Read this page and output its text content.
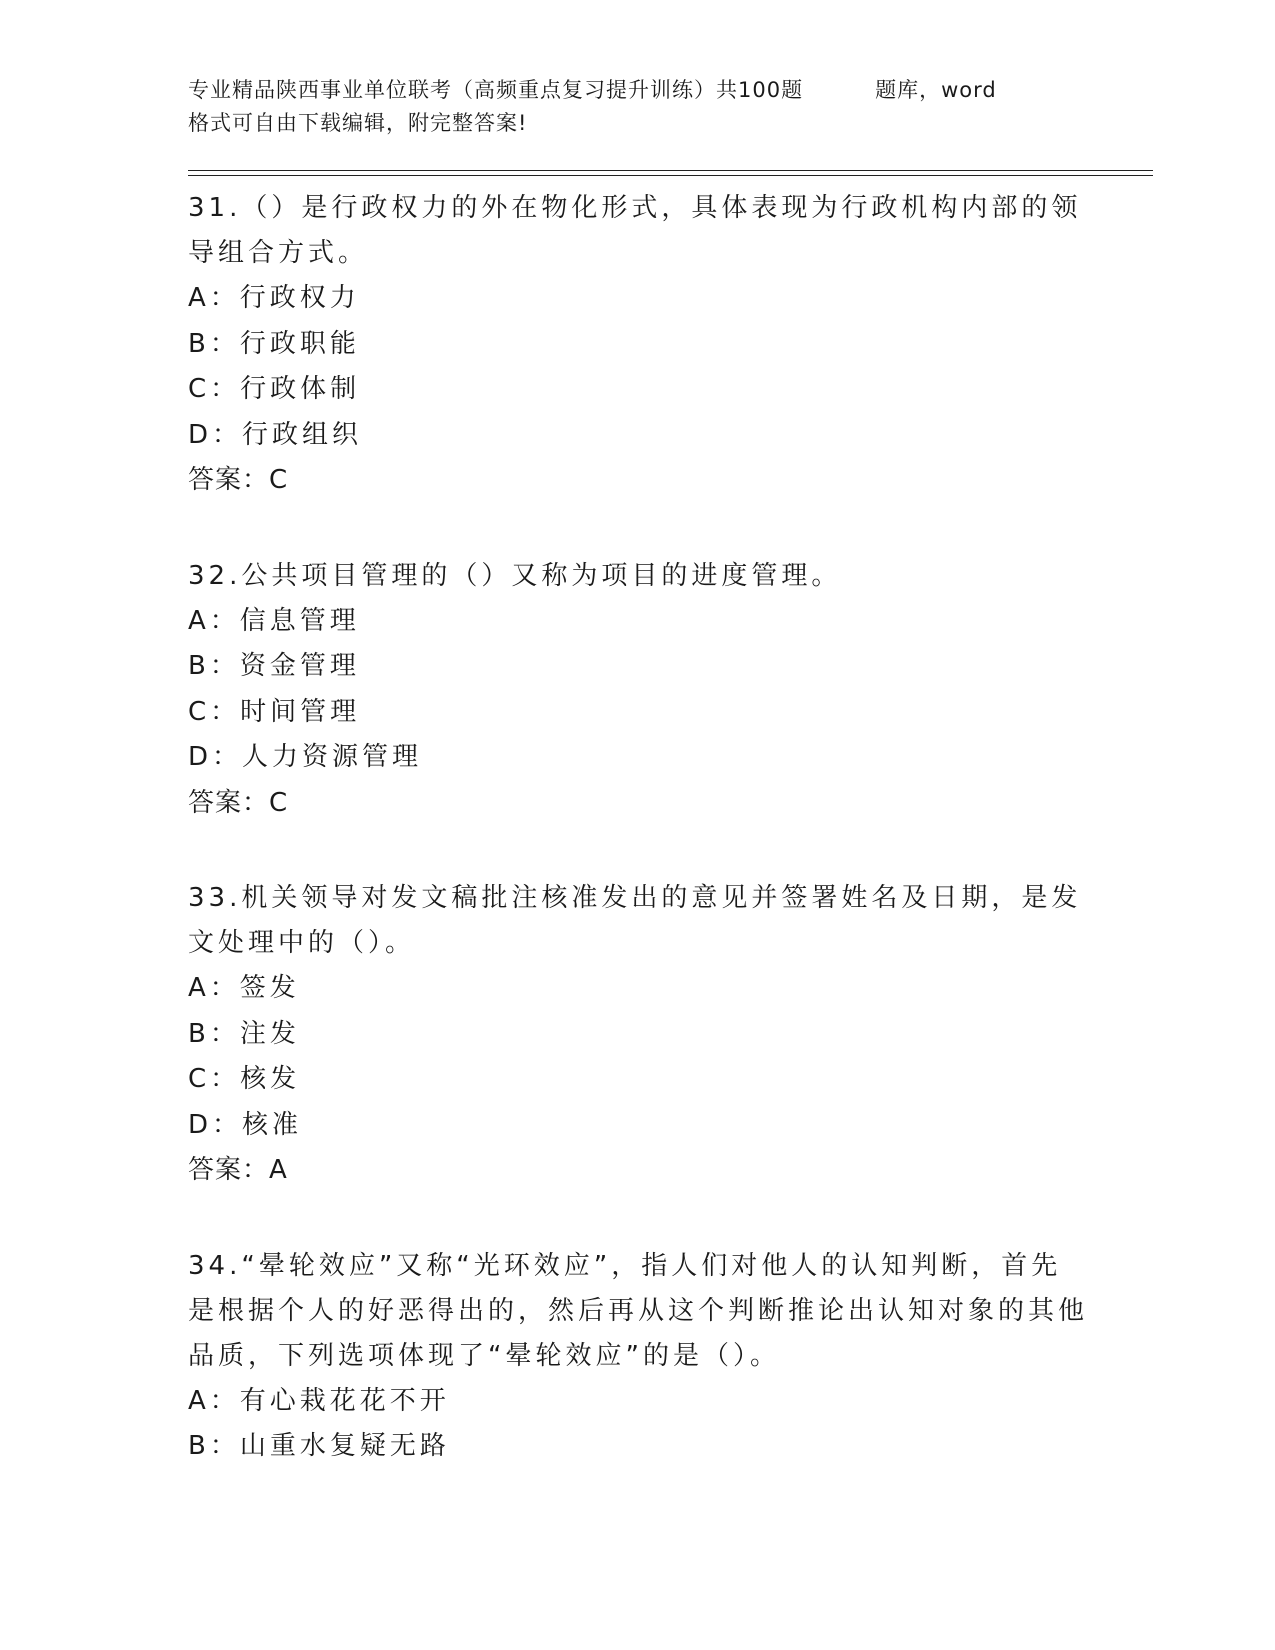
专业精品陕西事业单位联考（高频重点复习提升训练）共100题	题库，word
格式可自由下载编辑，附完整答案!

31.（）是行政权力的外在物化形式，具体表现为行政机构内部的领导组合方式。

A：行政权力

B：行政职能

C：行政体制

D：行政组织

答案：C

32.公共项目管理的（）又称为项目的进度管理。

A：信息管理

B：资金管理

C：时间管理

D：人力资源管理

答案：C

33.机关领导对发文稿批注核准发出的意见并签署姓名及日期，是发文处理中的（）。

A：签发

B：注发

C：核发

D：核准

答案：A

34.“晕轮效应”又称“光环效应”，指人们对他人的认知判断，首先是根据个人的好恶得出的，然后再从这个判断推论出认知对象的其他品质，下列选项体现了“晕轮效应”的是（）。

A：有心栽花花不开

B：山重水复疑无路
